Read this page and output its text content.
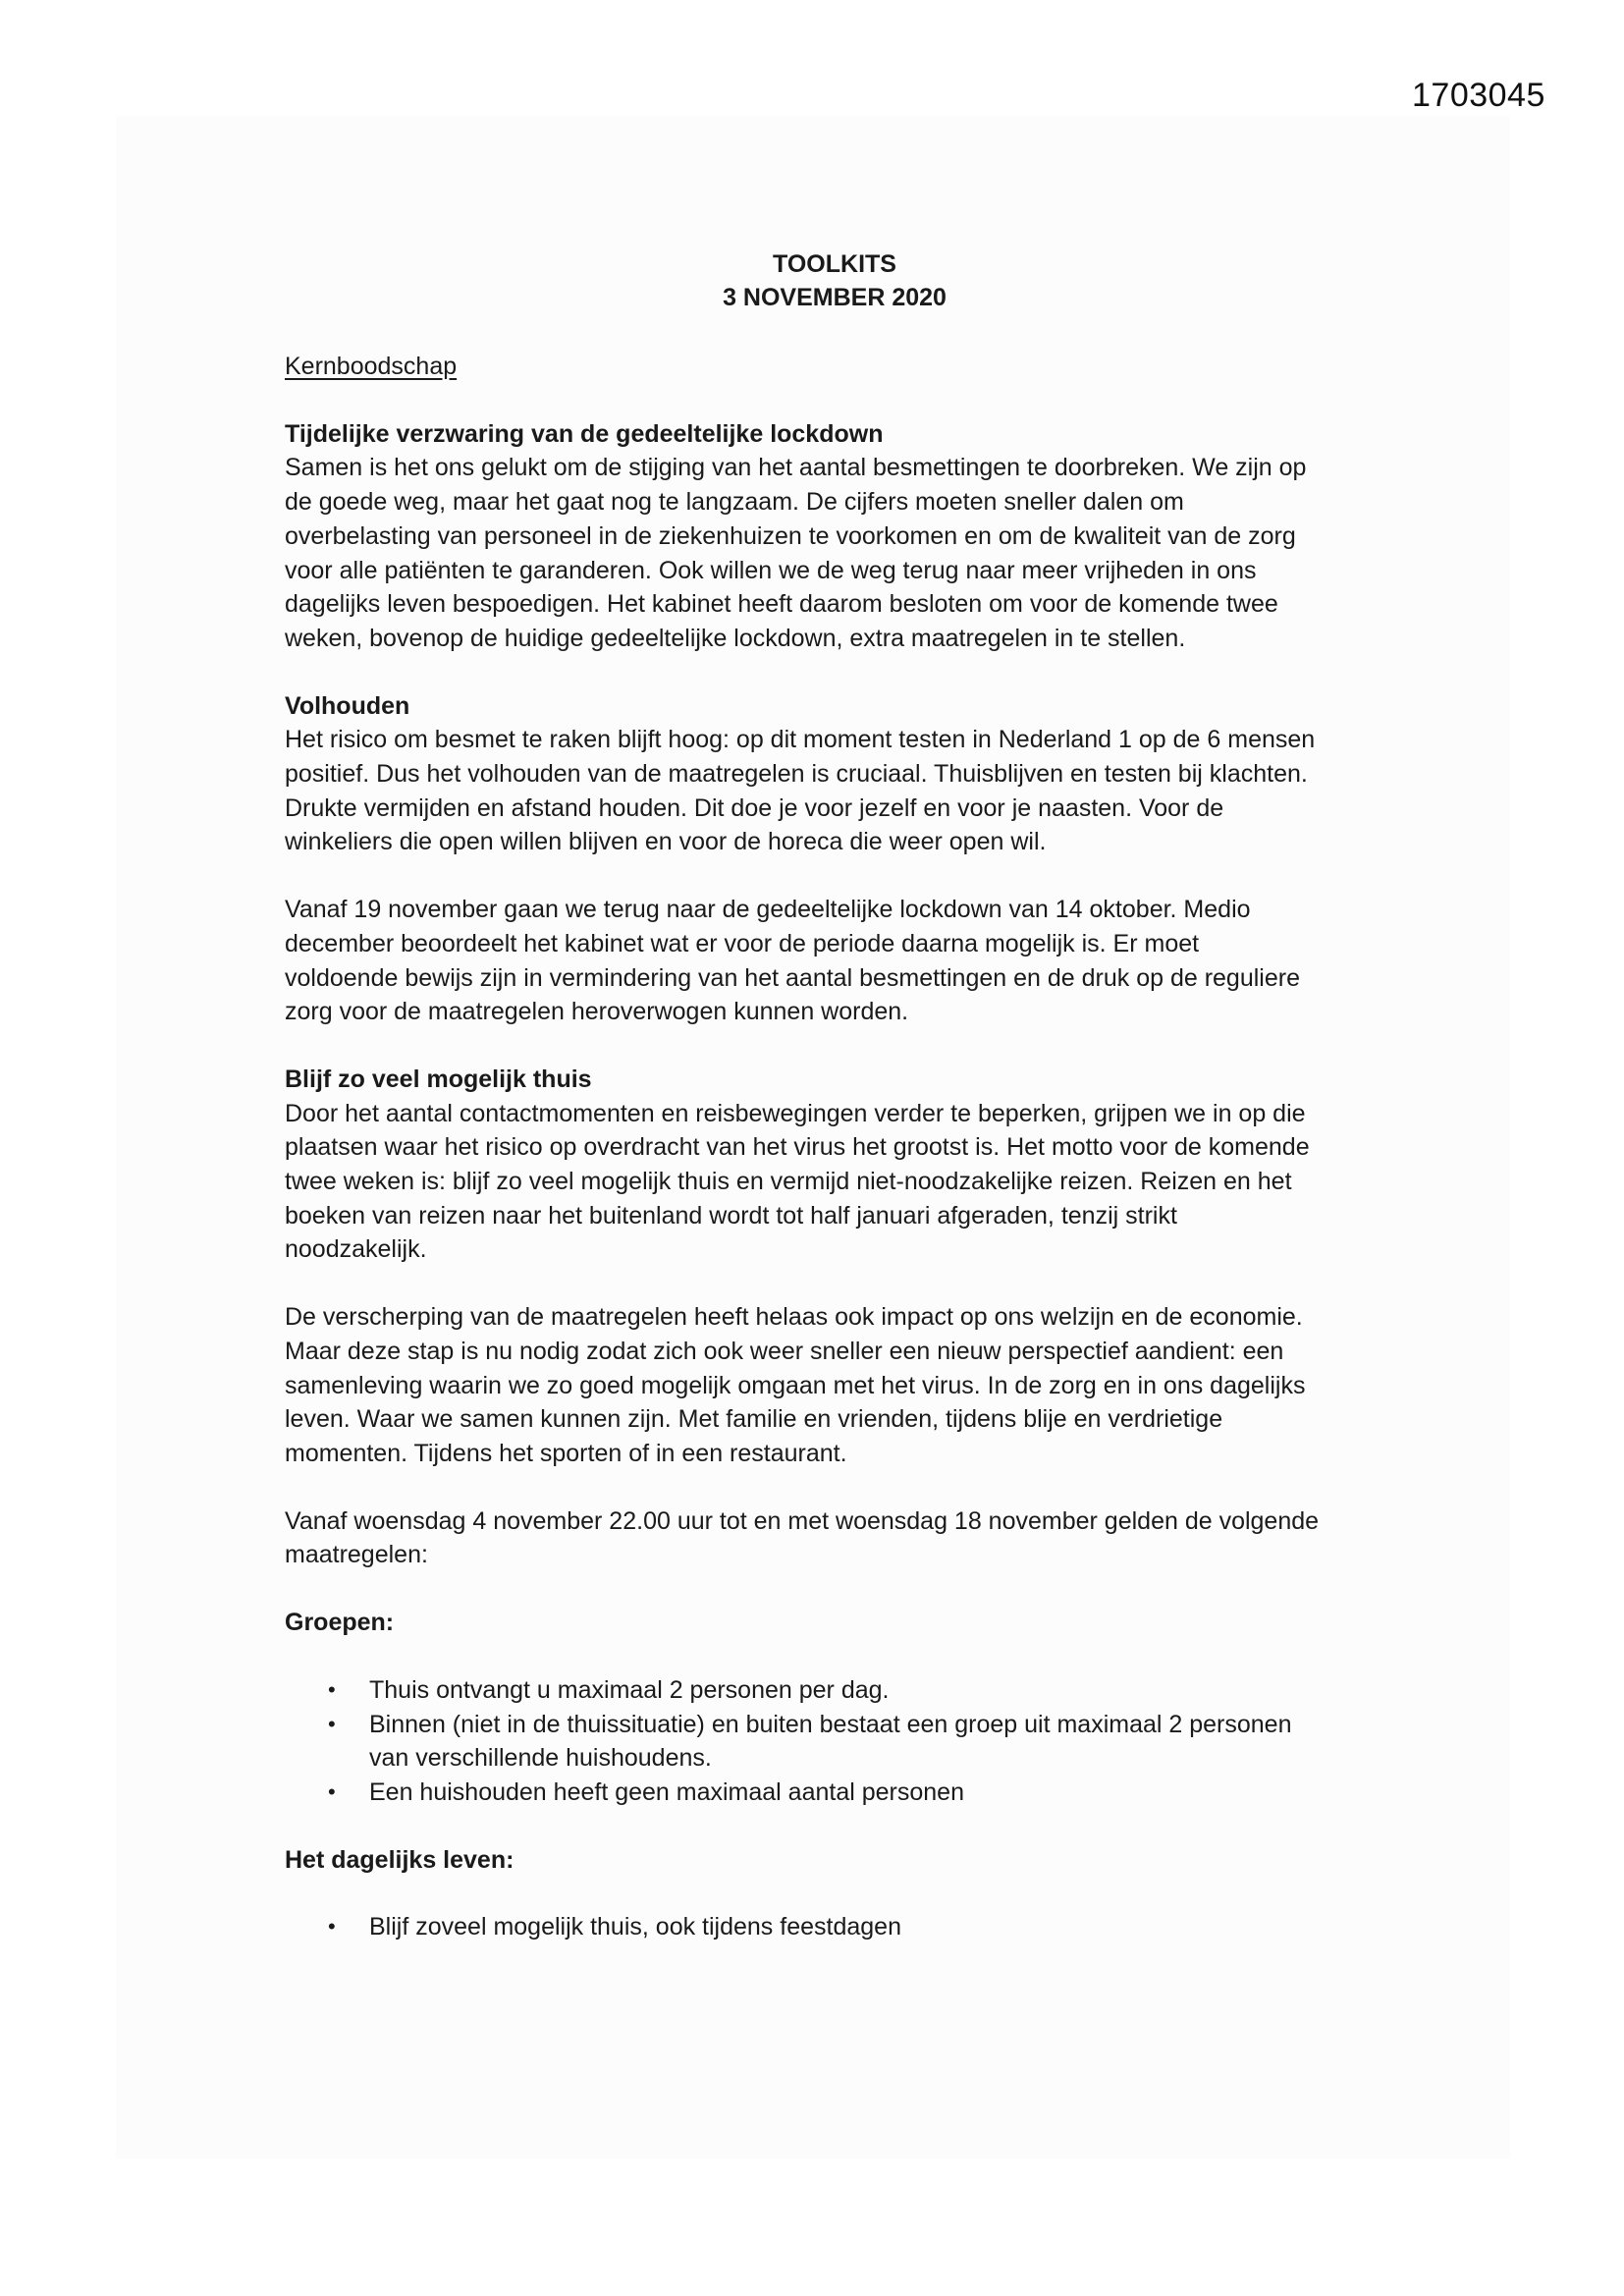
1703045
TOOLKITS
3 NOVEMBER 2020
Kernboodschap
Tijdelijke verzwaring van de gedeeltelijke lockdown

Samen is het ons gelukt om de stijging van het aantal besmettingen te doorbreken. We zijn op
de goede weg, maar het gaat nog te langzaam. De cijfers moeten sneller dalen om
overbelasting van personeel in de ziekenhuizen te voorkomen en om de kwaliteit van de zorg
voor alle patiënten te garanderen. Ook willen we de weg terug naar meer vrijheden in ons
dagelijks leven bespoedigen. Het kabinet heeft daarom besloten om voor de komende twee
weken, bovenop de huidige gedeeltelijke lockdown, extra maatregelen in te stellen.

Volhouden

Het risico om besmet te raken blijft hoog: op dit moment testen in Nederland 1 op de 6 mensen
positief. Dus het volhouden van de maatregelen is cruciaal. Thuisblijven en testen bij klachten.
Drukte vermijden en afstand houden. Dit doe je voor jezelf en voor je naasten. Voor de
winkeliers die open willen blijven en voor de horeca die weer open wil.

Vanaf 19 november gaan we terug naar de gedeeltelijke lockdown van 14 oktober. Medio
december beoordeelt het kabinet wat er voor de periode daarna mogelijk is. Er moet
voldoende bewijs zijn in vermindering van het aantal besmettingen en de druk op de reguliere
zorg voor de maatregelen heroverwogen kunnen worden.

Blijf zo veel mogelijk thuis

Door het aantal contactmomenten en reisbewegingen verder te beperken, grijpen we in op die
plaatsen waar het risico op overdracht van het virus het grootst is. Het motto voor de komende
twee weken is: blijf zo veel mogelijk thuis en vermijd niet-noodzakelijke reizen. Reizen en het
boeken van reizen naar het buitenland wordt tot half januari afgeraden, tenzij strikt
noodzakelijk.

De verscherping van de maatregelen heeft helaas ook impact op ons welzijn en de economie.
Maar deze stap is nu nodig zodat zich ook weer sneller een nieuw perspectief aandient: een
samenleving waarin we zo goed mogelijk omgaan met het virus. In de zorg en in ons dagelijks
leven. Waar we samen kunnen zijn. Met familie en vrienden, tijdens blije en verdrietige
momenten. Tijdens het sporten of in een restaurant.

Vanaf woensdag 4 november 22.00 uur tot en met woensdag 18 november gelden de volgende
maatregelen:

Groepen:
• Thuis ontvangt u maximaal 2 personen per dag.
• Binnen (niet in de thuissituatie) en buiten bestaat een groep uit maximaal 2 personen
van verschillende huishoudens.
• Een huishouden heeft geen maximaal aantal personen
Het dagelijks leven:
• Blijf zoveel mogelijk thuis, ook tijdens feestdagen
